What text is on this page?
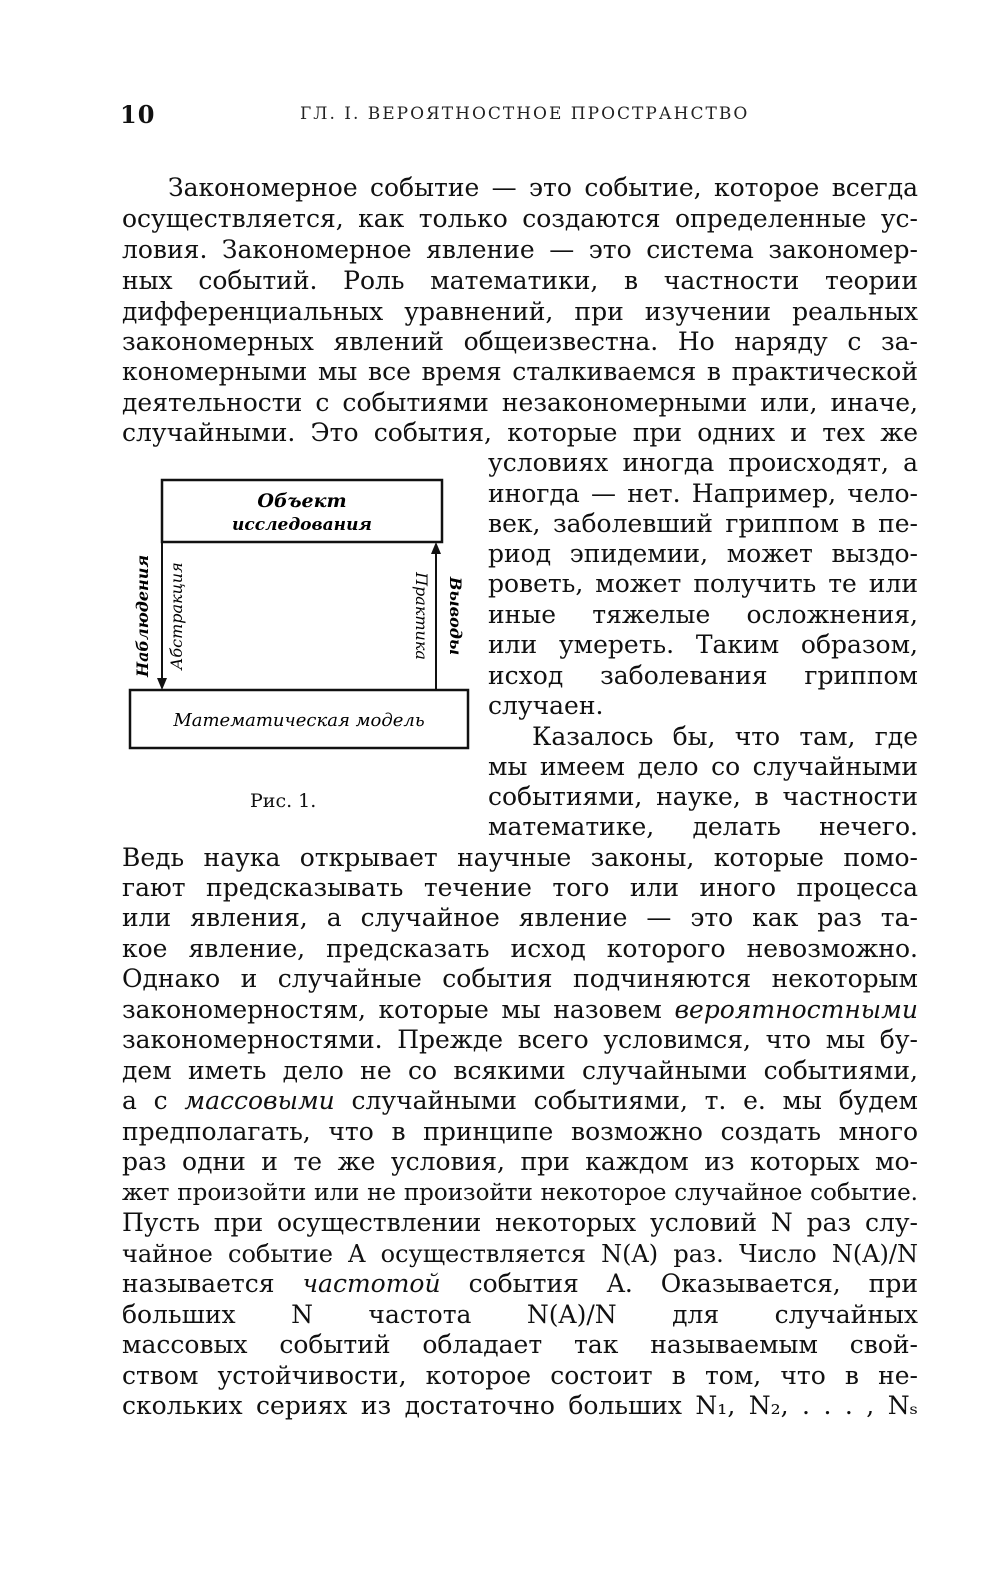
10	ГЛ. I. ВЕРОЯТНОСТНОЕ ПРОСТРАНСТВО
Закономерное событие — это событие, которое всегда
осуществляется, как только создаются определенные ус-
ловия. Закономерное явление — это система закономер-
ных событий. Роль математики, в частности теории
дифференциальных уравнений, при изучении реальных
закономерных явлений общеизвестна. Но наряду с за-
кономерными мы все время сталкиваемся в практической
деятельности с событиями незакономерными или, иначе,
случайными. Это события, которые при одних и тех же
условиях иногда происходят, а
иногда — нет. Например, чело-
век, заболевший гриппом в пе-
риод эпидемии, может выздо-
роветь, может получить те или
иные тяжелые осложнения,
или умереть. Таким образом,
исход заболевания гриппом
случаен.
Казалось бы, что там, где
мы имеем дело со случайными
событиями, науке, в частности
математике, делать нечего.
Объект
исследования
Математическая модель
Наблюдения Абстракция	Практика Выводы
Рис. 1.
Ведь наука открывает научные законы, которые помо-
гают предсказывать течение того или иного процесса
или явления, а случайное явление — это как раз та-
кое явление, предсказать исход которого невозможно.
Однако и случайные события подчиняются некоторым
закономерностям, которые мы назовем вероятностными
закономерностями. Прежде всего условимся, что мы бу-
дем иметь дело не со всякими случайными событиями,
а с массовыми случайными событиями, т. е. мы будем
предполагать, что в принципе возможно создать много
раз одни и те же условия, при каждом из которых мо-
жет произойти или не произойти некоторое случайное событие.
Пусть при осуществлении некоторых условий N раз слу-
чайное событие A осуществляется N(A) раз. Число N(A)/N
называется частотой события A. Оказывается, при
больших N частота N(A)/N для случайных
массовых событий обладает так называемым свой-
ством устойчивости, которое состоит в том, что в не-
скольких сериях из достаточно больших N₁, N₂, . . . , Nₛ
